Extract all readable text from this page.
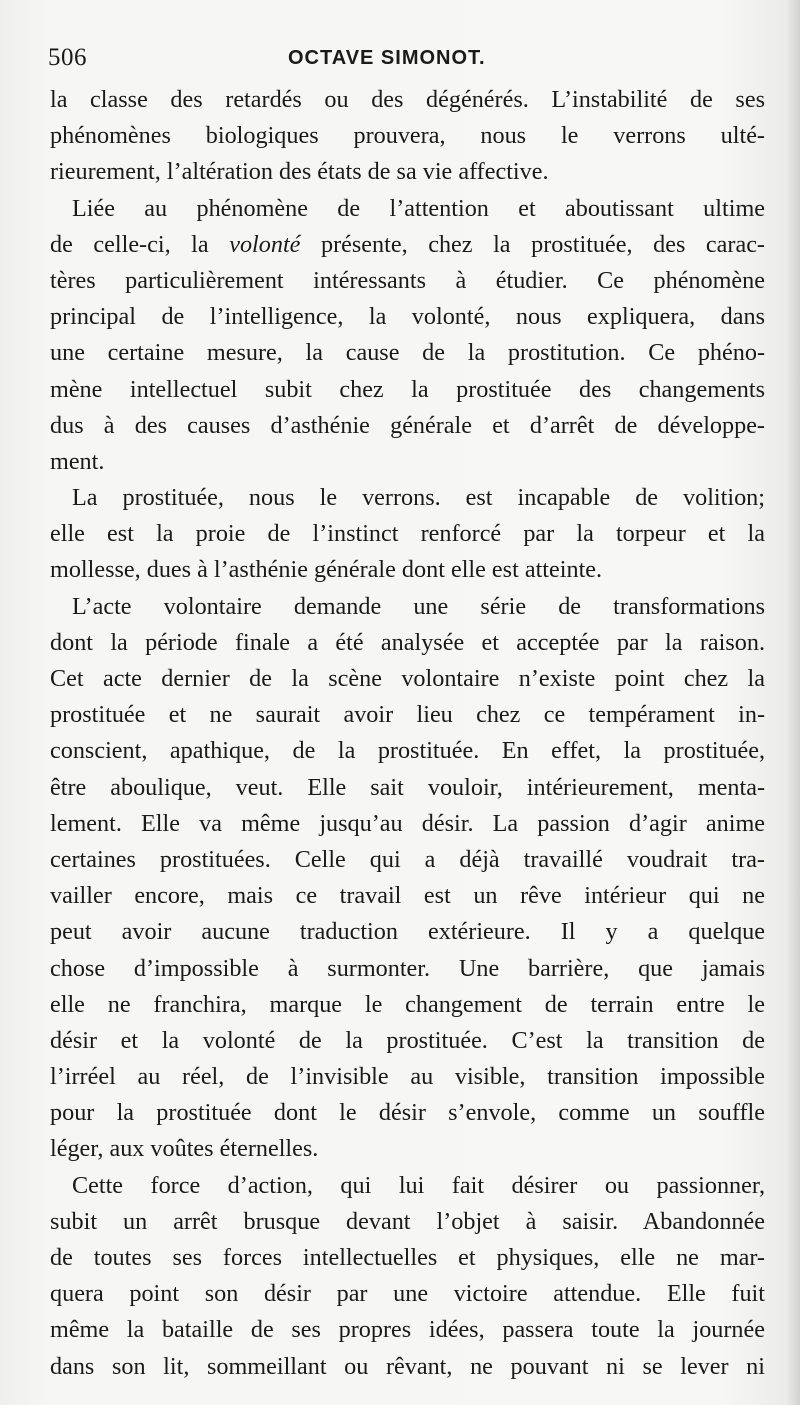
506	OCTAVE SIMONOT.
la classe des retardés ou des dégénérés. L’instabilité de ses
phénomènes biologiques prouvera, nous le verrons ulté-
rieurement, l’altération des états de sa vie affective.
Liée au phénomène de l’attention et aboutissant ultime
de celle-ci, la volonté présente, chez la prostituée, des carac-
tères particulièrement intéressants à étudier. Ce phénomène
principal de l’intelligence, la volonté, nous expliquera, dans
une certaine mesure, la cause de la prostitution. Ce phéno-
mène intellectuel subit chez la prostituée des changements
dus à des causes d’asthénie générale et d’arrêt de développe-
ment.
La prostituée, nous le verrons. est incapable de volition;
elle est la proie de l’instinct renforcé par la torpeur et la
mollesse, dues à l’asthénie générale dont elle est atteinte.
L’acte volontaire demande une série de transformations
dont la période finale a été analysée et acceptée par la raison.
Cet acte dernier de la scène volontaire n’existe point chez la
prostituée et ne saurait avoir lieu chez ce tempérament in-
conscient, apathique, de la prostituée. En effet, la prostituée,
être aboulique, veut. Elle sait vouloir, intérieurement, menta-
lement. Elle va même jusqu’au désir. La passion d’agir anime
certaines prostituées. Celle qui a déjà travaillé voudrait tra-
vailler encore, mais ce travail est un rêve intérieur qui ne
peut avoir aucune traduction extérieure. Il y a quelque
chose d’impossible à surmonter. Une barrière, que jamais
elle ne franchira, marque le changement de terrain entre le
désir et la volonté de la prostituée. C’est la transition de
l’irréel au réel, de l’invisible au visible, transition impossible
pour la prostituée dont le désir s’envole, comme un souffle
léger, aux voûtes éternelles.
Cette force d’action, qui lui fait désirer ou passionner,
subit un arrêt brusque devant l’objet à saisir. Abandonnée
de toutes ses forces intellectuelles et physiques, elle ne mar-
quera point son désir par une victoire attendue. Elle fuit
même la bataille de ses propres idées, passera toute la journée
dans son lit, sommeillant ou rêvant, ne pouvant ni se lever ni
